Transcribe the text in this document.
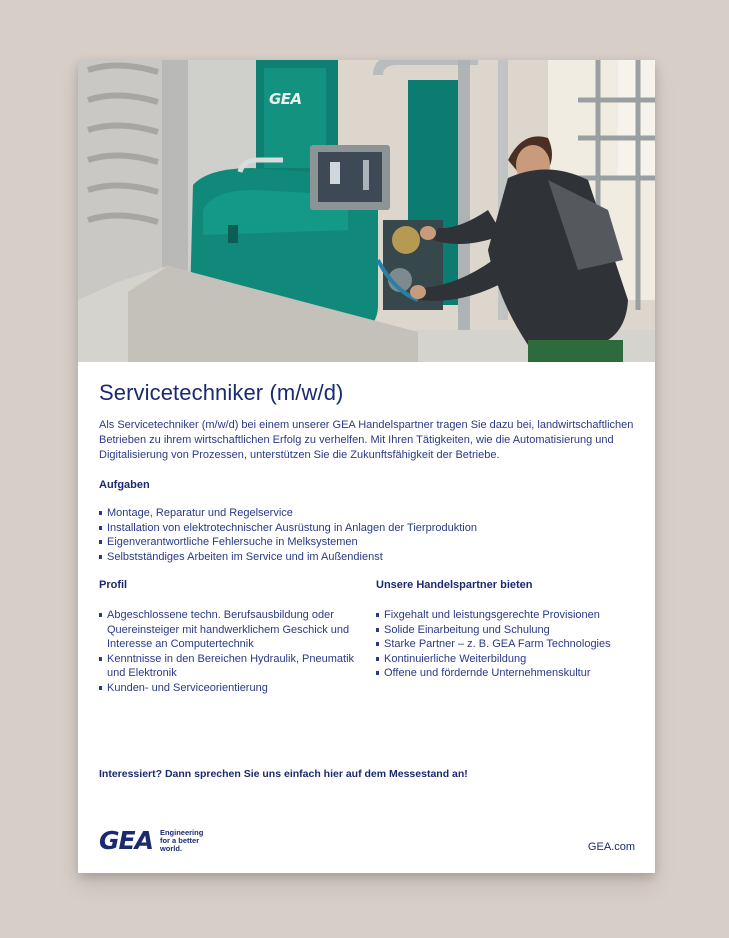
GEA
Servicetechniker (m/w/d)

Als Servicetechniker (m/w/d) bei einem unserer GEA Handelspartner tragen Sie dazu bei, landwirtschaftlichen Betrieben zu ihrem wirtschaftlichen Erfolg zu verhelfen. Mit Ihren Tätigkeiten, wie die Automatisierung und Digitalisierung von Prozessen, unterstützen Sie die Zukunftsfähigkeit der Betriebe.

Aufgaben
Montage, Reparatur und Regelservice
Installation von elektrotechnischer Ausrüstung in Anlagen der Tierproduktion
Eigenverantwortliche Fehlersuche in Melksystemen
Selbstständiges Arbeiten im Service und im Außendienst
Profil
Abgeschlossene techn. Berufsausbildung oder Quereinsteiger mit handwerklichem Geschick und Interesse an Computertechnik
Kenntnisse in den Bereichen Hydraulik, Pneumatik und Elektronik
Kunden- und Serviceorientierung
Unsere Handelspartner bieten
Fixgehalt und leistungsgerechte Provisionen
Solide Einarbeitung und Schulung
Starke Partner – z. B. GEA Farm Technologies
Kontinuierliche Weiterbildung
Offene und fördernde Unternehmenskultur
Interessiert? Dann sprechen Sie uns einfach hier auf dem Messestand an!
GEA Engineering
for a better
world.	GEA.com
